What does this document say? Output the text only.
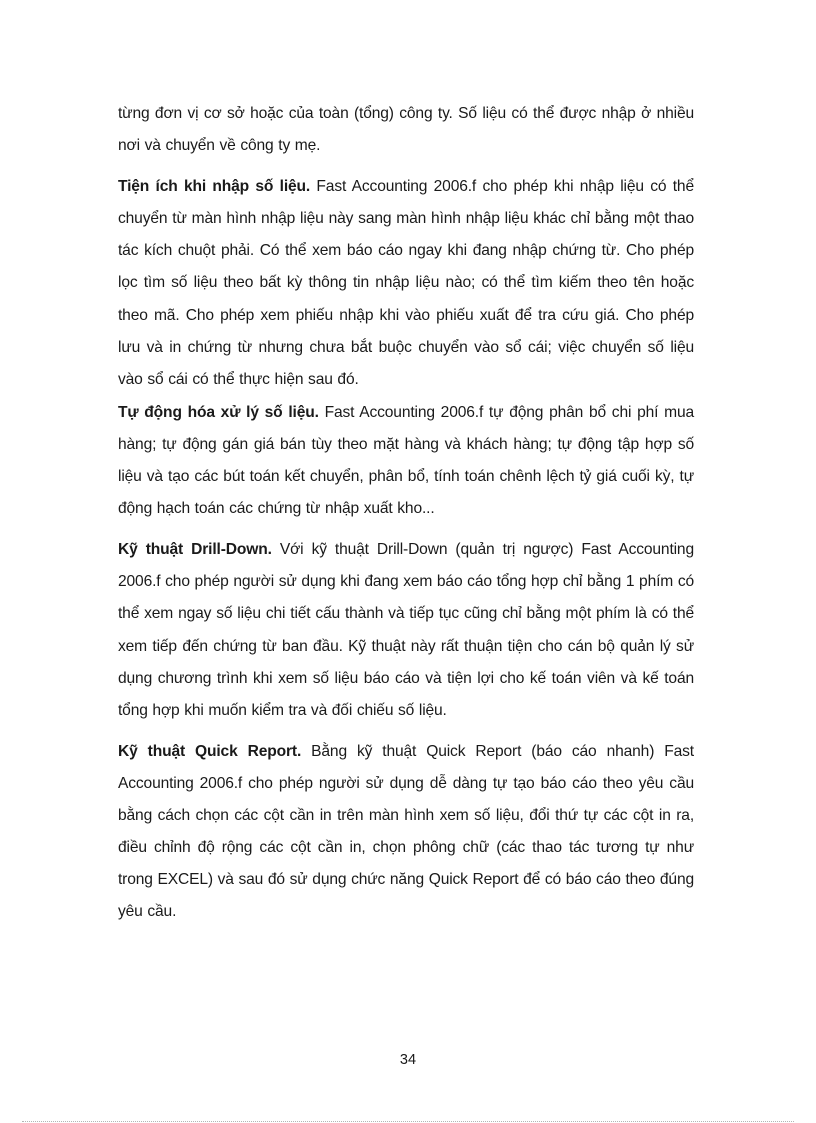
từng đơn vị cơ sở hoặc của toàn (tổng) công ty. Số liệu có thể được nhập ở nhiều nơi và chuyển về công ty mẹ.

Tiện ích khi nhập số liệu. Fast Accounting 2006.f cho phép khi nhập liệu có thể chuyển từ màn hình nhập liệu này sang màn hình nhập liệu khác chỉ bằng một thao tác kích chuột phải. Có thể xem báo cáo ngay khi đang nhập chứng từ. Cho phép lọc tìm số liệu theo bất kỳ thông tin nhập liệu nào; có thể tìm kiếm theo tên hoặc theo mã. Cho phép xem phiếu nhập khi vào phiếu xuất để tra cứu giá. Cho phép lưu và in chứng từ nhưng chưa bắt buộc chuyển vào sổ cái; việc chuyển số liệu vào sổ cái có thể thực hiện sau đó.

Tự động hóa xử lý số liệu. Fast Accounting 2006.f tự động phân bổ chi phí mua hàng; tự động gán giá bán tùy theo mặt hàng và khách hàng; tự động tập hợp số liệu và tạo các bút toán kết chuyển, phân bổ, tính toán chênh lệch tỷ giá cuối kỳ, tự động hạch toán các chứng từ nhập xuất kho...

Kỹ thuật Drill-Down. Với kỹ thuật Drill-Down (quản trị ngược) Fast Accounting 2006.f cho phép người sử dụng khi đang xem báo cáo tổng hợp chỉ bằng 1 phím có thể xem ngay số liệu chi tiết cấu thành và tiếp tục cũng chỉ bằng một phím là có thể xem tiếp đến chứng từ ban đầu. Kỹ thuật này rất thuận tiện cho cán bộ quản lý sử dụng chương trình khi xem số liệu báo cáo và tiện lợi cho kế toán viên và kế toán tổng hợp khi muốn kiểm tra và đối chiếu số liệu.

Kỹ thuật Quick Report. Bằng kỹ thuật Quick Report (báo cáo nhanh) Fast Accounting 2006.f cho phép người sử dụng dễ dàng tự tạo báo cáo theo yêu cầu bằng cách chọn các cột cần in trên màn hình xem số liệu, đổi thứ tự các cột in ra, điều chỉnh độ rộng các cột cần in, chọn phông chữ (các thao tác tương tự như trong EXCEL) và sau đó sử dụng chức năng Quick Report để có báo cáo theo đúng yêu cầu.

34
